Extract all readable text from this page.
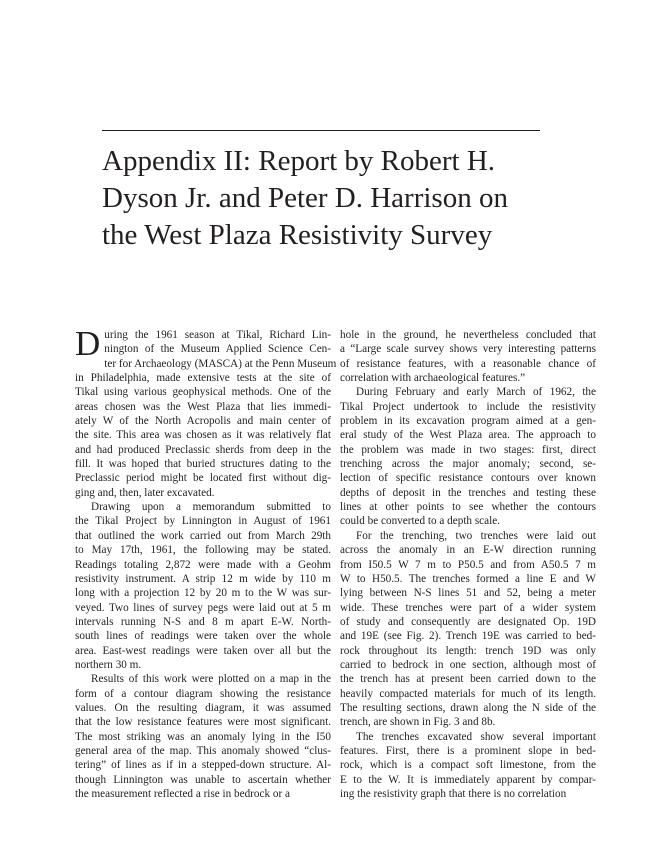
Appendix II: Report by Robert H.
Dyson Jr. and Peter D. Harrison on
the West Plaza Resistivity Survey
D uring the 1961 season at Tikal, Richard Lin-
nington of the Museum Applied Science Cen-
ter for Archaeology (MASCA) at the Penn Museum
in Philadelphia, made extensive tests at the site of
Tikal using various geophysical methods. One of the
areas chosen was the West Plaza that lies immedi-
ately W of the North Acropolis and main center of
the site. This area was chosen as it was relatively flat
and had produced Preclassic sherds from deep in the
fill. It was hoped that buried structures dating to the
Preclassic period might be located first without dig-
ging and, then, later excavated.
Drawing upon a memorandum submitted to
the Tikal Project by Linnington in August of 1961
that outlined the work carried out from March 29th
to May 17th, 1961, the following may be stated.
Readings totaling 2,872 were made with a Geohm
resistivity instrument. A strip 12 m wide by 110 m
long with a projection 12 by 20 m to the W was sur-
veyed. Two lines of survey pegs were laid out at 5 m
intervals running N-S and 8 m apart E-W. North-
south lines of readings were taken over the whole
area. East-west readings were taken over all but the
northern 30 m.
Results of this work were plotted on a map in the
form of a contour diagram showing the resistance
values. On the resulting diagram, it was assumed
that the low resistance features were most significant.
The most striking was an anomaly lying in the I50
general area of the map. This anomaly showed “clus-
tering” of lines as if in a stepped-down structure. Al-
though Linnington was unable to ascertain whether
the measurement reflected a rise in bedrock or a
hole in the ground, he nevertheless concluded that
a “Large scale survey shows very interesting patterns
of resistance features, with a reasonable chance of
correlation with archaeological features.”
During February and early March of 1962, the
Tikal Project undertook to include the resistivity
problem in its excavation program aimed at a gen-
eral study of the West Plaza area. The approach to
the problem was made in two stages: first, direct
trenching across the major anomaly; second, se-
lection of specific resistance contours over known
depths of deposit in the trenches and testing these
lines at other points to see whether the contours
could be converted to a depth scale.
For the trenching, two trenches were laid out
across the anomaly in an E-W direction running
from I50.5 W 7 m to P50.5 and from A50.5 7 m
W to H50.5. The trenches formed a line E and W
lying between N-S lines 51 and 52, being a meter
wide. These trenches were part of a wider system
of study and consequently are designated Op. 19D
and 19E (see Fig. 2). Trench 19E was carried to bed-
rock throughout its length: trench 19D was only
carried to bedrock in one section, although most of
the trench has at present been carried down to the
heavily compacted materials for much of its length.
The resulting sections, drawn along the N side of the
trench, are shown in Fig. 3 and 8b.
The trenches excavated show several important
features. First, there is a prominent slope in bed-
rock, which is a compact soft limestone, from the
E to the W. It is immediately apparent by compar-
ing the resistivity graph that there is no correlation
